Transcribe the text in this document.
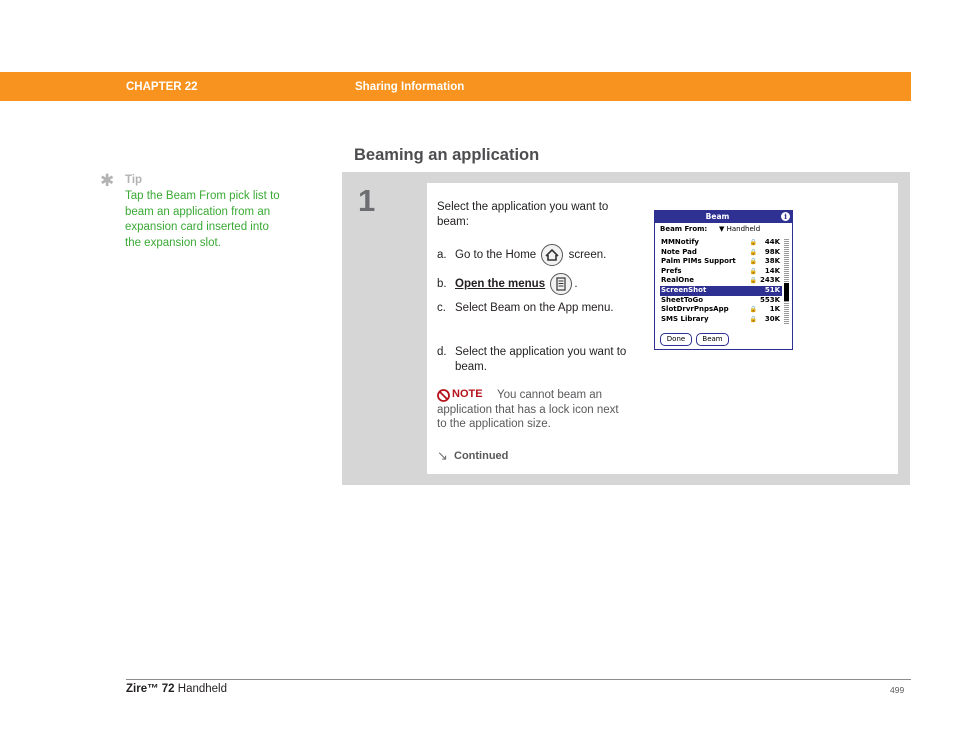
CHAPTER 22	Sharing Information
Beaming an application
✱ Tip
Tap the Beam From pick list to beam an application from an expansion card inserted into the expansion slot.
1	Select the application you want to beam:
a. Go to the Home	screen.
b. Open the menus	.
c. Select Beam on the App menu.
d. Select the application you want to beam.
You cannot beam an application that has a lock icon next to the application size.
NOTE
↘ Continued
Beam	i
Beam From: ▼ Handheld
MMNotify	🔒 44K
Note Pad	🔒 98K
Palm PIMs Support 🔒 38K
Prefs	🔒 14K
RealOne	🔒 243K
ScreenShot	51K
SheetToGo	553K
SlotDrvrPnpsApp	🔒 1K
SMS Library	🔒 30K
Done	Beam
Zire™ 72 Handheld	499
